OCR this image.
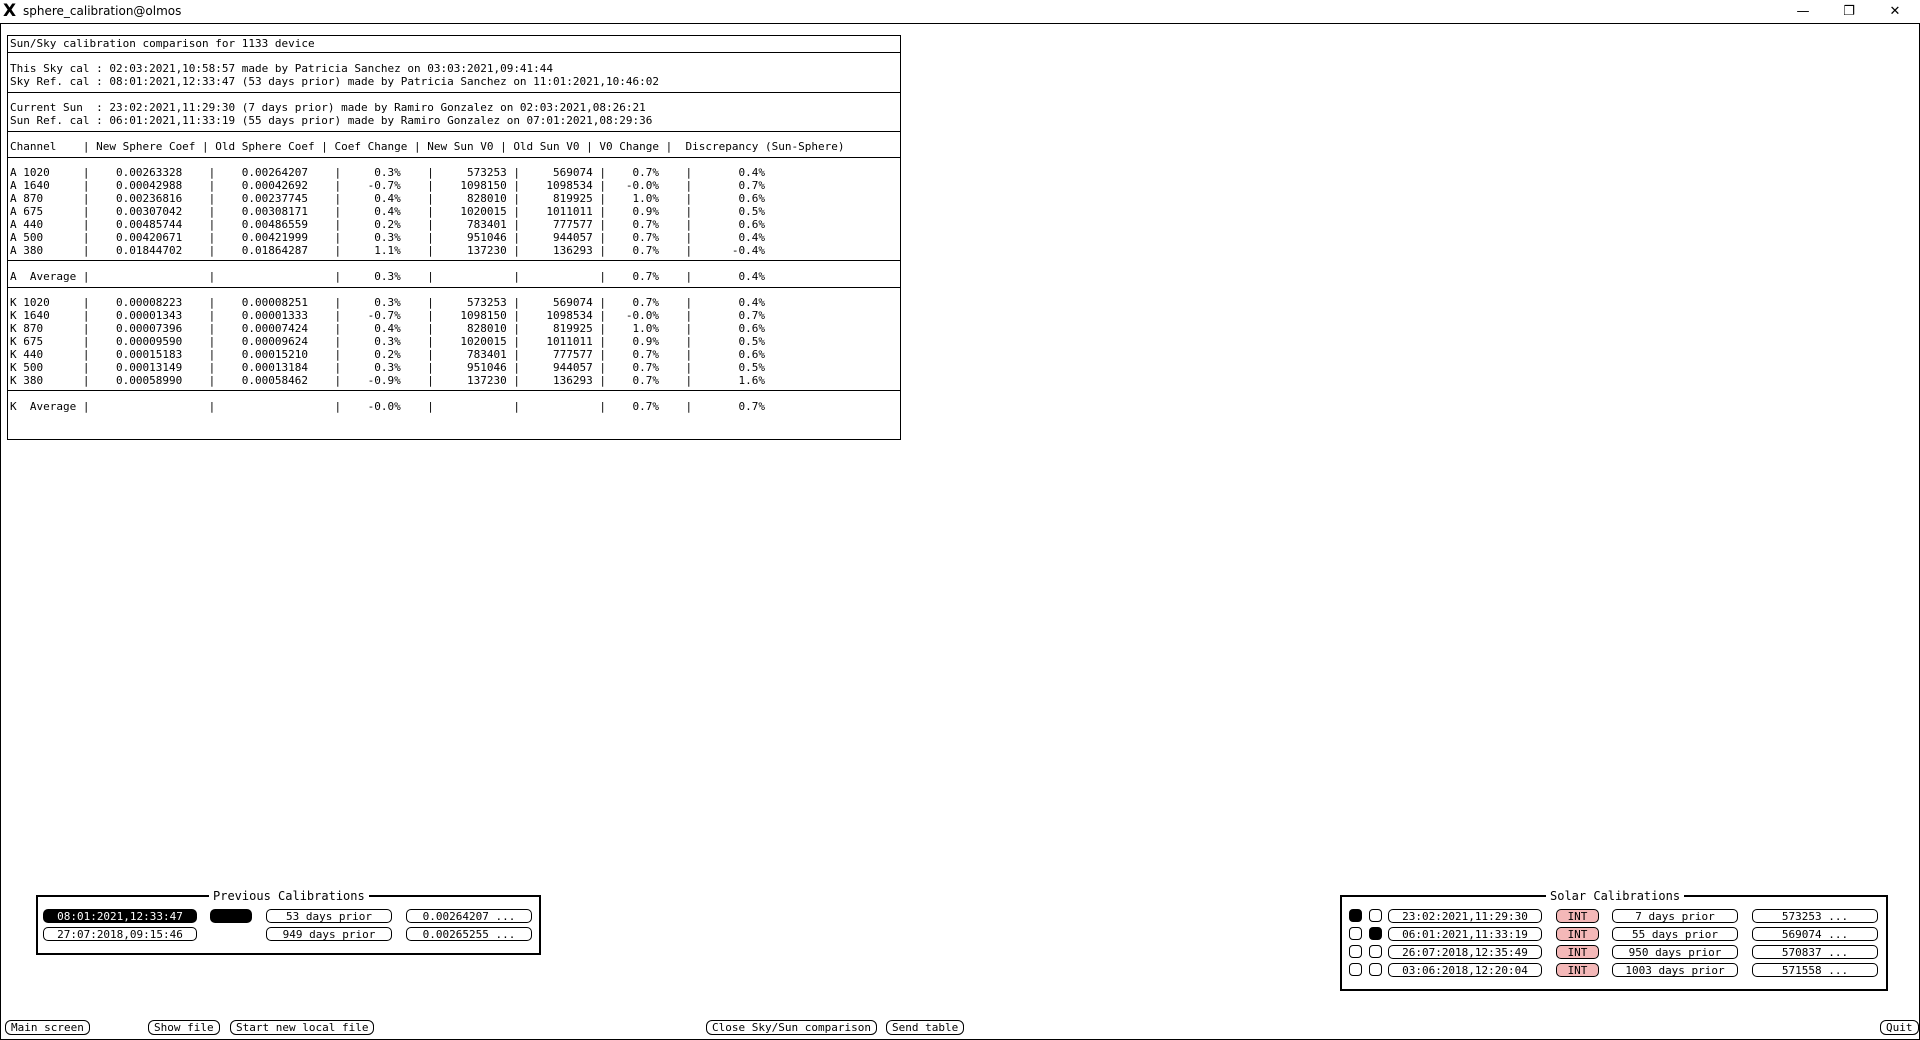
X sphere_calibration@olmos	—	❐	✕
Sun/Sky calibration comparison for 1133 device
This Sky cal : 02:03:2021,10:58:57 made by Patricia Sanchez on 03:03:2021,09:41:44
Sky Ref. cal : 08:01:2021,12:33:47 (53 days prior) made by Patricia Sanchez on 11:01:2021,10:46:02
Current Sun  : 23:02:2021,11:29:30 (7 days prior) made by Ramiro Gonzalez on 02:03:2021,08:26:21
Sun Ref. cal : 06:01:2021,11:33:19 (55 days prior) made by Ramiro Gonzalez on 07:01:2021,08:29:36
Channel    | New Sphere Coef | Old Sphere Coef | Coef Change | New Sun V0 | Old Sun V0 | V0 Change |  Discrepancy (Sun-Sphere)
A 1020     |    0.00263328    |    0.00264207    |     0.3%    |     573253 |     569074 |    0.7%    |       0.4%
A 1640     |    0.00042988    |    0.00042692    |    -0.7%    |    1098150 |    1098534 |   -0.0%    |       0.7%
A 870      |    0.00236816    |    0.00237745    |     0.4%    |     828010 |     819925 |    1.0%    |       0.6%
A 675      |    0.00307042    |    0.00308171    |     0.4%    |    1020015 |    1011011 |    0.9%    |       0.5%
A 440      |    0.00485744    |    0.00486559    |     0.2%    |     783401 |     777577 |    0.7%    |       0.6%
A 500      |    0.00420671    |    0.00421999    |     0.3%    |     951046 |     944057 |    0.7%    |       0.4%
A 380      |    0.01844702    |    0.01864287    |     1.1%    |     137230 |     136293 |    0.7%    |      -0.4%
A  Average |                  |                  |     0.3%    |            |            |    0.7%    |       0.4%
K 1020     |    0.00008223    |    0.00008251    |     0.3%    |     573253 |     569074 |    0.7%    |       0.4%
K 1640     |    0.00001343    |    0.00001333    |    -0.7%    |    1098150 |    1098534 |   -0.0%    |       0.7%
K 870      |    0.00007396    |    0.00007424    |     0.4%    |     828010 |     819925 |    1.0%    |       0.6%
K 675      |    0.00009590    |    0.00009624    |     0.3%    |    1020015 |    1011011 |    0.9%    |       0.5%
K 440      |    0.00015183    |    0.00015210    |     0.2%    |     783401 |     777577 |    0.7%    |       0.6%
K 500      |    0.00013149    |    0.00013184    |     0.3%    |     951046 |     944057 |    0.7%    |       0.5%
K 380      |    0.00058990    |    0.00058462    |    -0.9%    |     137230 |     136293 |    0.7%    |       1.6%
K  Average |                  |                  |    -0.0%    |            |            |    0.7%    |       0.7%
Previous Calibrations
08:01:2021,12:33:47	53 days prior	0.00264207 ...
27:07:2018,09:15:46	949 days prior	0.00265255 ...
Solar Calibrations
23:02:2021,11:29:30	INT	7 days prior	573253 ...
06:01:2021,11:33:19	INT	55 days prior	569074 ...
26:07:2018,12:35:49	INT	950 days prior	570837 ...
03:06:2018,12:20:04	INT	1003 days prior	571558 ...
Main screen	Show file	Start new local file	Close Sky/Sun comparison	Send table	Quit
